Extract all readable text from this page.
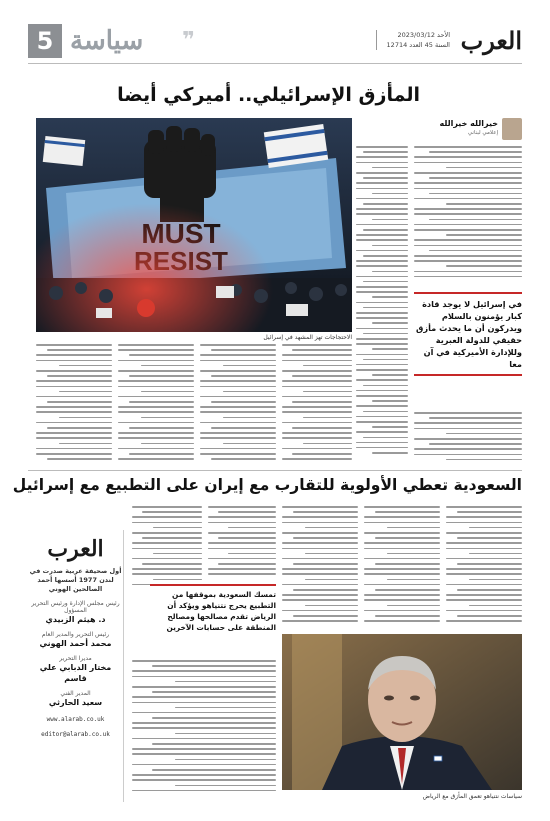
العرب
الأحد 2023/03/12
السنة 45 العدد 12714
❞
سياسة
5
المأزق الإسرائيلي.. أميركي أيضا
خيرالله خيرالله
إعلامي لبناني
الاحتجاجات تهز المشهد في إسرائيل
في إسرائيل لا يوجد قادة كبار يؤمنون بالسلام ويدركون أن ما يحدث مأزق حقيقي للدولة العبرية وللإدارة الأميركية في آن معا
السعودية تعطي الأولوية للتقارب مع إيران على التطبيع مع إسرائيل
العرب
أول صحيفة عربية صدرت في لندن 1977 أسسها أحمد الصالحين الهوني
رئيس مجلس الإدارة ورئيس التحرير المسؤول
د. هيثم الزبيدي
رئيس التحرير والمدير العام
محمد أحمد الهوني
مديرا التحرير
مختار الدبابي علي قاسم
المدير الفني
سعيد الحارثي
www.alarab.co.uk
editor@alarab.co.uk
تمسك السعودية بموقفها من التطبيع يحرج نتنياهو ويؤكد أن الرياض تقدم مصالحها ومصالح المنطقة على حسابات الآخرين
سياسات نتنياهو تعمق المأزق مع الرياض
